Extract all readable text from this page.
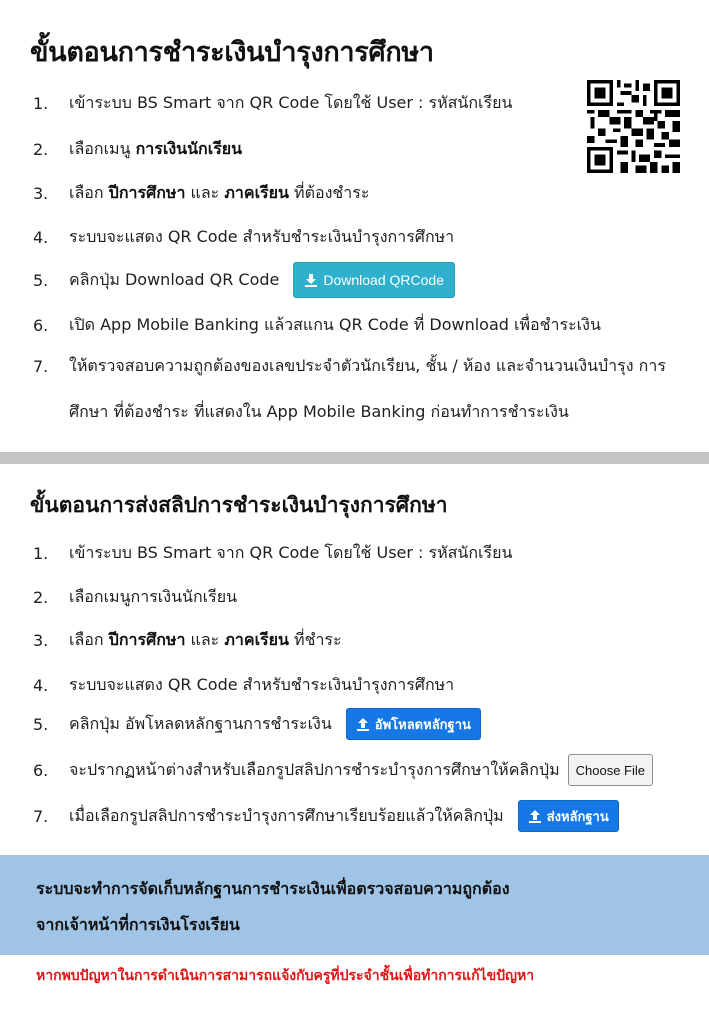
ขั้นตอนการชำระเงินบำรุงการศึกษา
1.	เข้าระบบ BS Smart จาก QR Code โดยใช้ User : รหัสนักเรียน
2.	เลือกเมนู การเงินนักเรียน
3.	เลือก ปีการศึกษา และ ภาคเรียน ที่ต้องชำระ
4.	ระบบจะแสดง QR Code สำหรับชำระเงินบำรุงการศึกษา
5.	คลิกปุ่ม Download QR Code	Download QRCode
6.	เปิด App Mobile Banking แล้วสแกน QR Code ที่ Download เพื่อชำระเงิน
7.	ให้ตรวจสอบความถูกต้องของเลขประจำตัวนักเรียน, ชั้น / ห้อง และจำนวนเงินบำรุง การศึกษา ที่ต้องชำระ ที่แสดงใน App Mobile Banking ก่อนทำการชำระเงิน
ขั้นตอนการส่งสลิปการชำระเงินบำรุงการศึกษา
1.	เข้าระบบ BS Smart จาก QR Code โดยใช้ User : รหัสนักเรียน
2.	เลือกเมนูการเงินนักเรียน
3.	เลือก ปีการศึกษา และ ภาคเรียน ที่ชำระ
4.	ระบบจะแสดง QR Code สำหรับชำระเงินบำรุงการศึกษา
5.	คลิกปุ่ม อัพโหลดหลักฐานการชำระเงิน	อัพโหลดหลักฐาน
6.	จะปรากฏหน้าต่างสำหรับเลือกรูปสลิปการชำระบำรุงการศึกษาให้คลิกปุ่ม	Choose File
7.	เมื่อเลือกรูปสลิปการชำระบำรุงการศึกษาเรียบร้อยแล้วให้คลิกปุ่ม	ส่งหลักฐาน

ระบบจะทำการจัดเก็บหลักฐานการชำระเงินเพื่อตรวจสอบความถูกต้อง

จากเจ้าหน้าที่การเงินโรงเรียน

หากพบปัญหาในการดำเนินการสามารถแจ้งกับครูที่ประจำชั้นเพื่อทำการแก้ไขปัญหา
